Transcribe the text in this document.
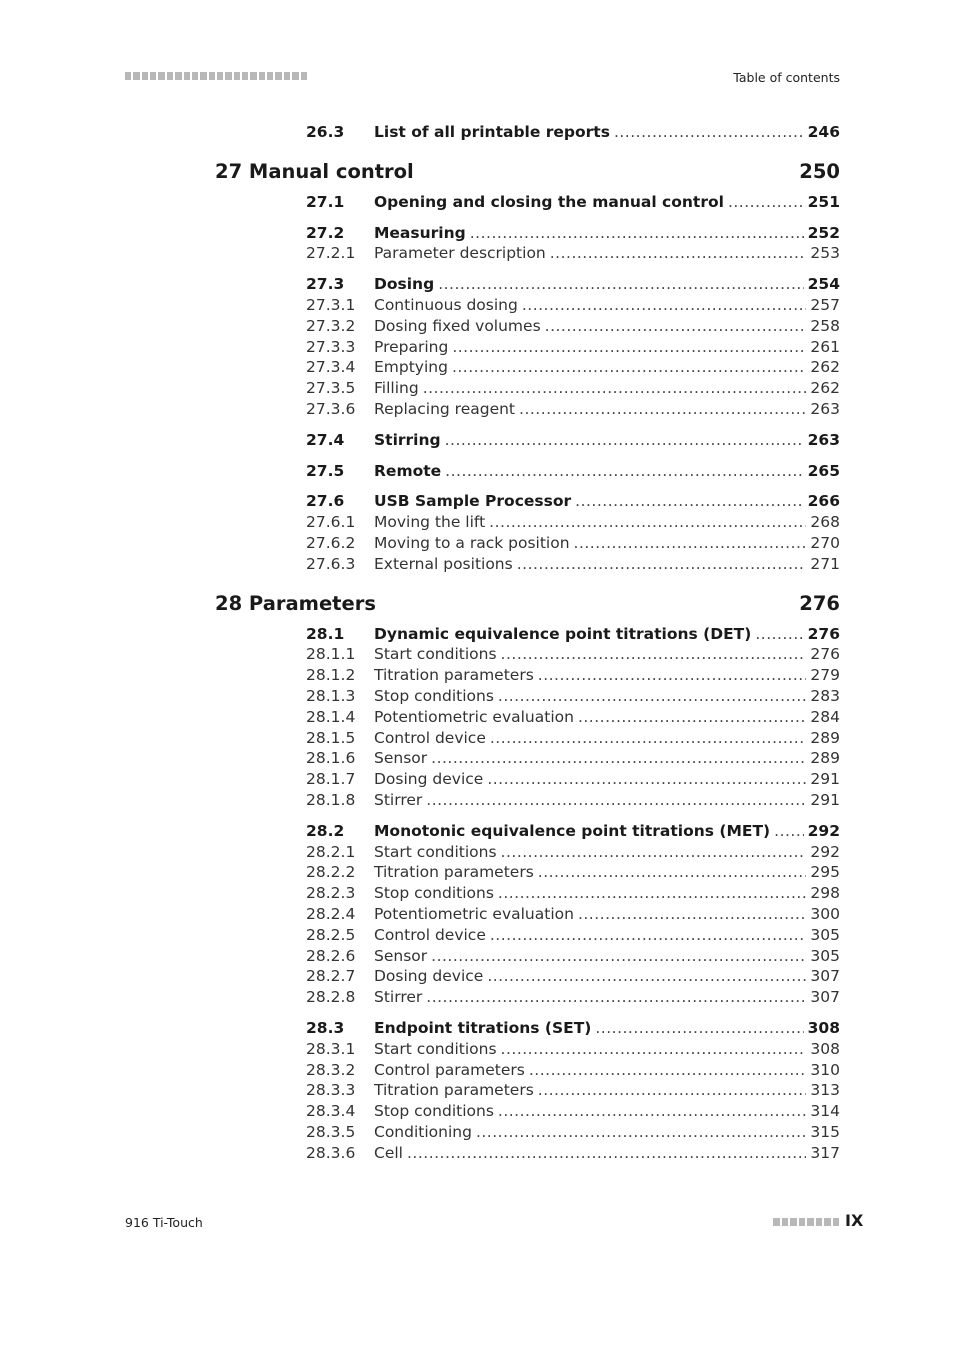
Table of contents
26.3	List of all printable reports .....	246
27 Manual control	250
27.1	Opening and closing the manual control .....	251
27.2	Measuring .....	252
27.2.1	Parameter description .....	253
27.3	Dosing .....	254
27.3.1	Continuous dosing .....	257
27.3.2	Dosing fixed volumes .....	258
27.3.3	Preparing .....	261
27.3.4	Emptying .....	262
27.3.5	Filling .....	262
27.3.6	Replacing reagent .....	263
27.4	Stirring .....	263
27.5	Remote .....	265
27.6	USB Sample Processor .....	266
27.6.1	Moving the lift .....	268
27.6.2	Moving to a rack position .....	270
27.6.3	External positions .....	271
28 Parameters	276
28.1	Dynamic equivalence point titrations (DET) .....	276
28.1.1	Start conditions .....	276
28.1.2	Titration parameters .....	279
28.1.3	Stop conditions .....	283
28.1.4	Potentiometric evaluation .....	284
28.1.5	Control device .....	289
28.1.6	Sensor .....	289
28.1.7	Dosing device .....	291
28.1.8	Stirrer .....	291
28.2	Monotonic equivalence point titrations (MET) ..... 292
28.2.1	Start conditions .....	292
28.2.2	Titration parameters .....	295
28.2.3	Stop conditions .....	298
28.2.4	Potentiometric evaluation .....	300
28.2.5	Control device .....	305
28.2.6	Sensor .....	305
28.2.7	Dosing device .....	307
28.2.8	Stirrer .....	307
28.3	Endpoint titrations (SET) .....	308
28.3.1	Start conditions .....	308
28.3.2	Control parameters .....	310
28.3.3	Titration parameters .....	313
28.3.4	Stop conditions .....	314
28.3.5	Conditioning .....	315
28.3.6	Cell .....	317
916 Ti-Touch	IX
